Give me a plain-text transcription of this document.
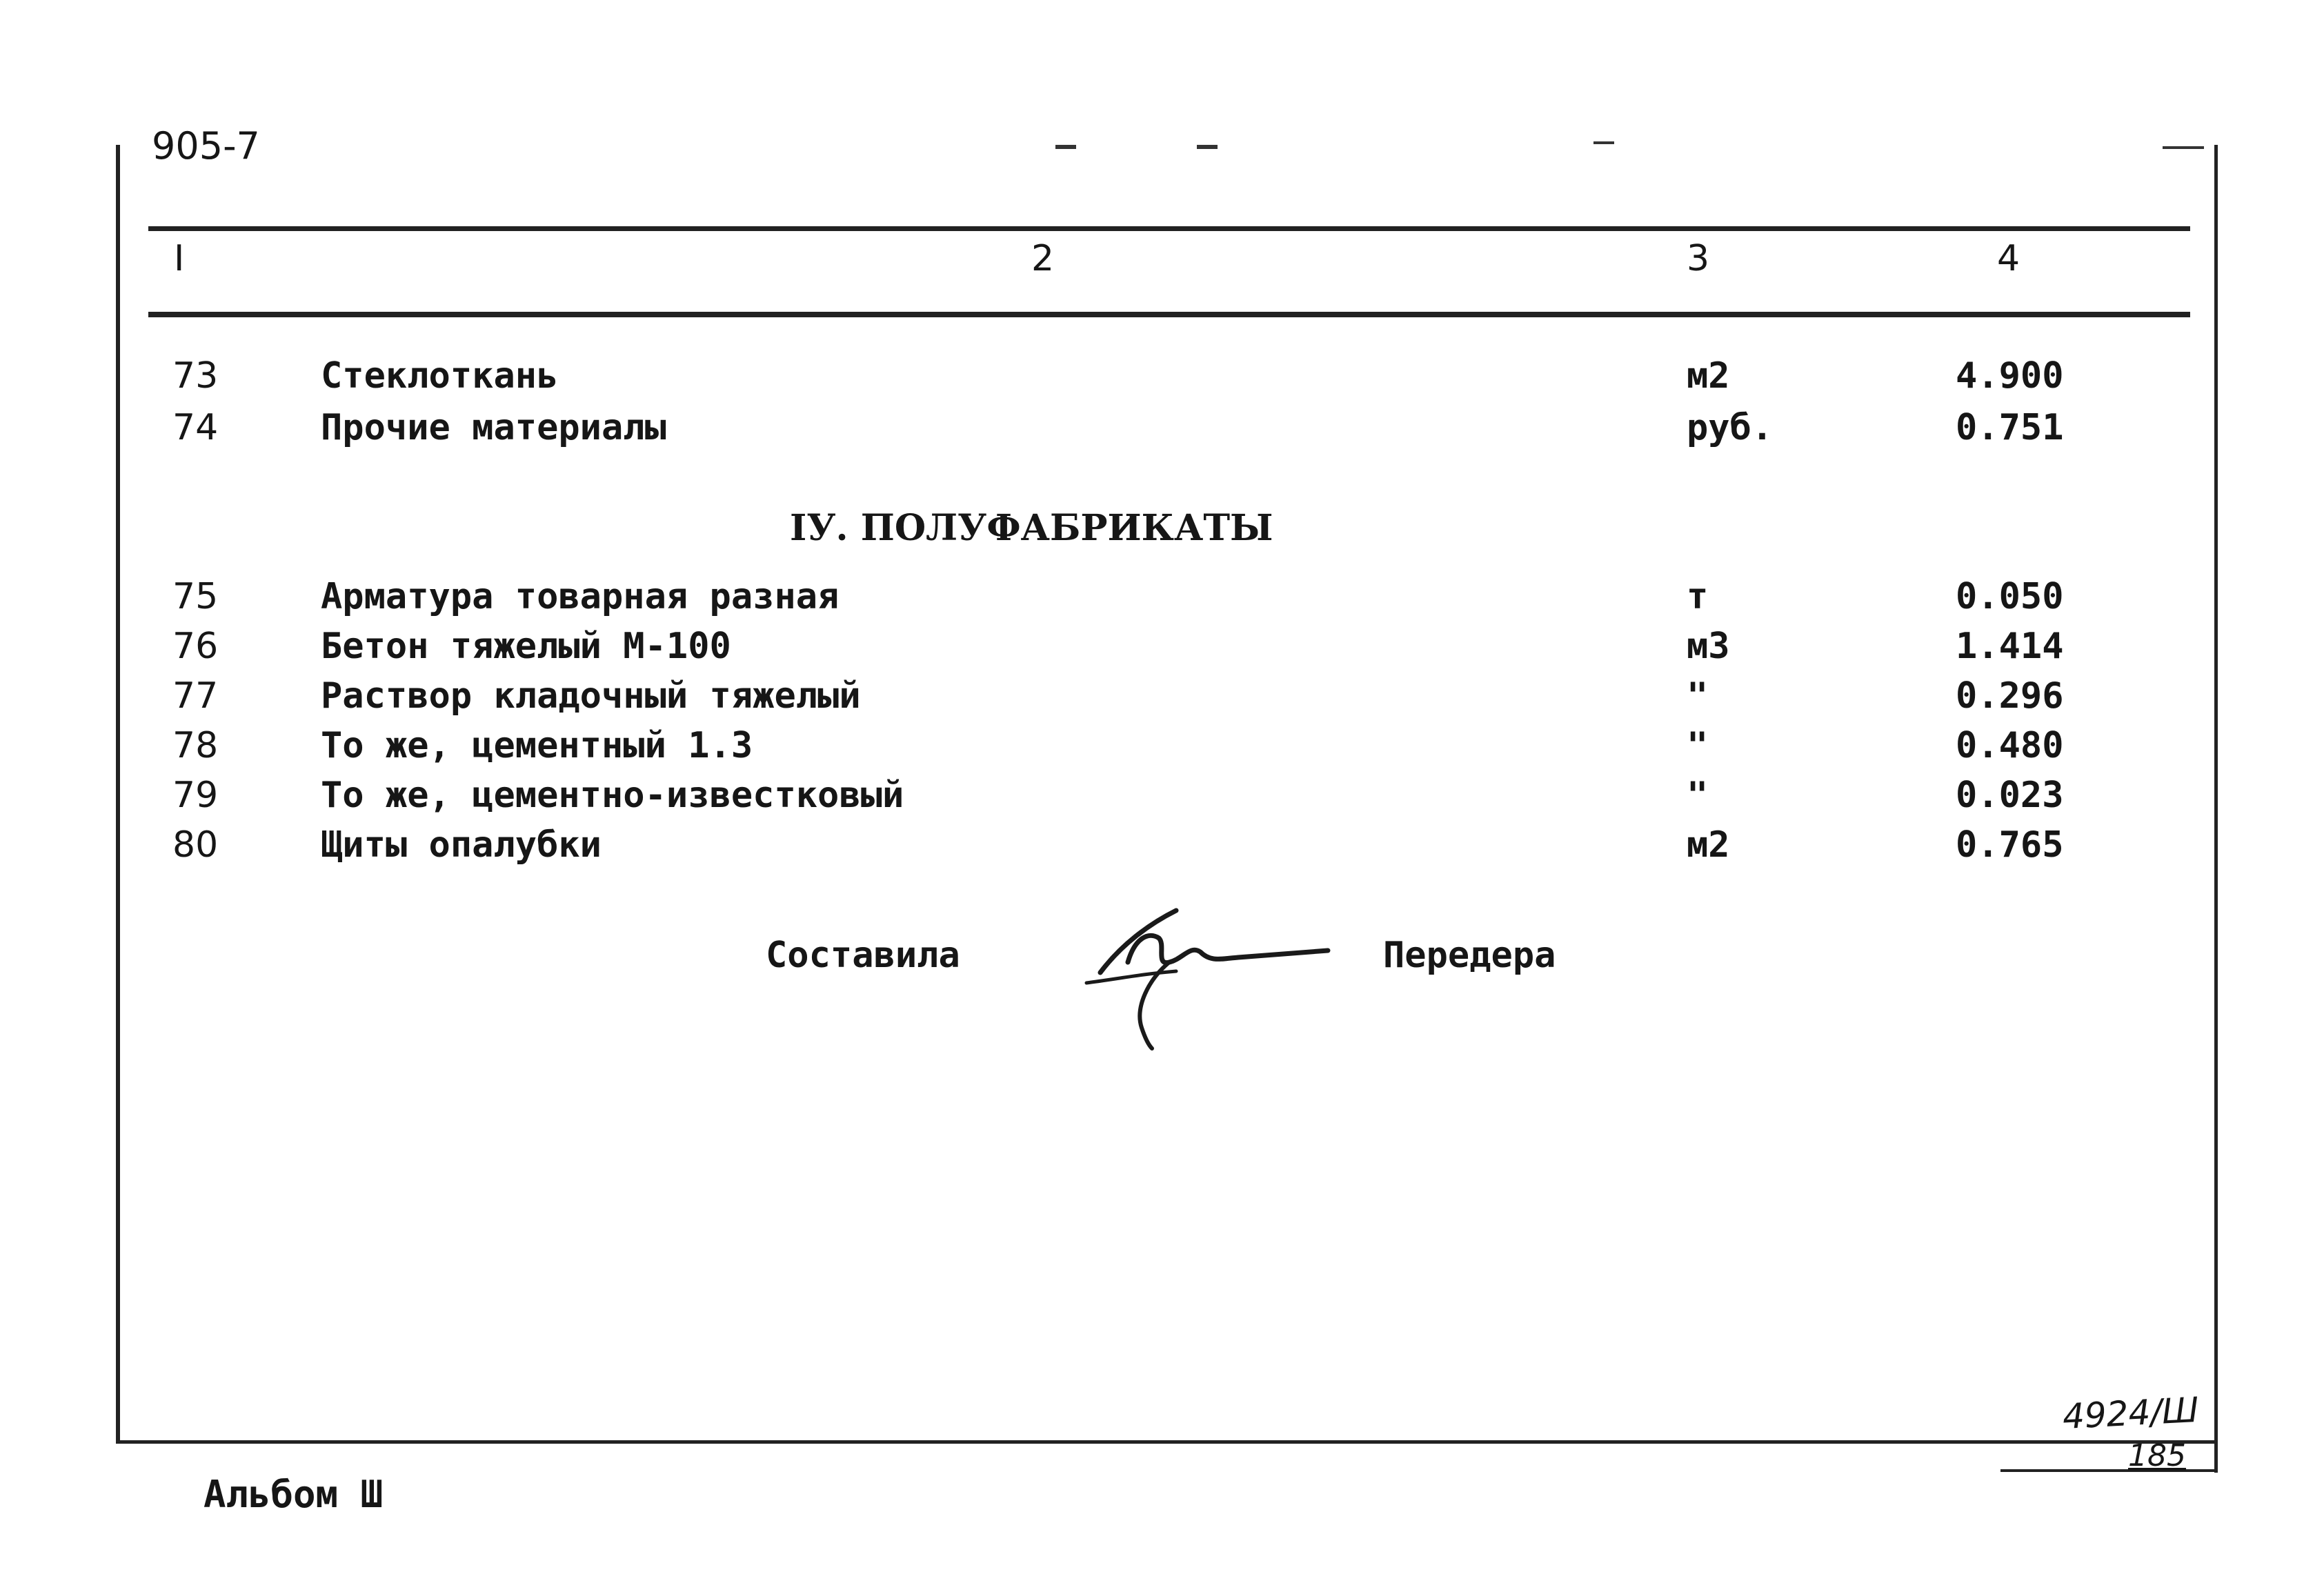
905-7
I	2	3	4
73	Стеклоткань	м2	4.900
74	Прочие материалы	руб.	0.751
IУ. ПОЛУФАБРИКАТЫ
75	Арматура товарная разная	т	0.050
76	Бетон тяжелый М-100	м3	1.414
77	Раствор кладочный тяжелый	"	0.296
78	То же, цементный 1.3	"	0.480
79	То же, цементно-известковый	"	0.023
80	Щиты опалубки	м2	0.765
Составила	Передера
4924/Ш
185
Альбом Ш
